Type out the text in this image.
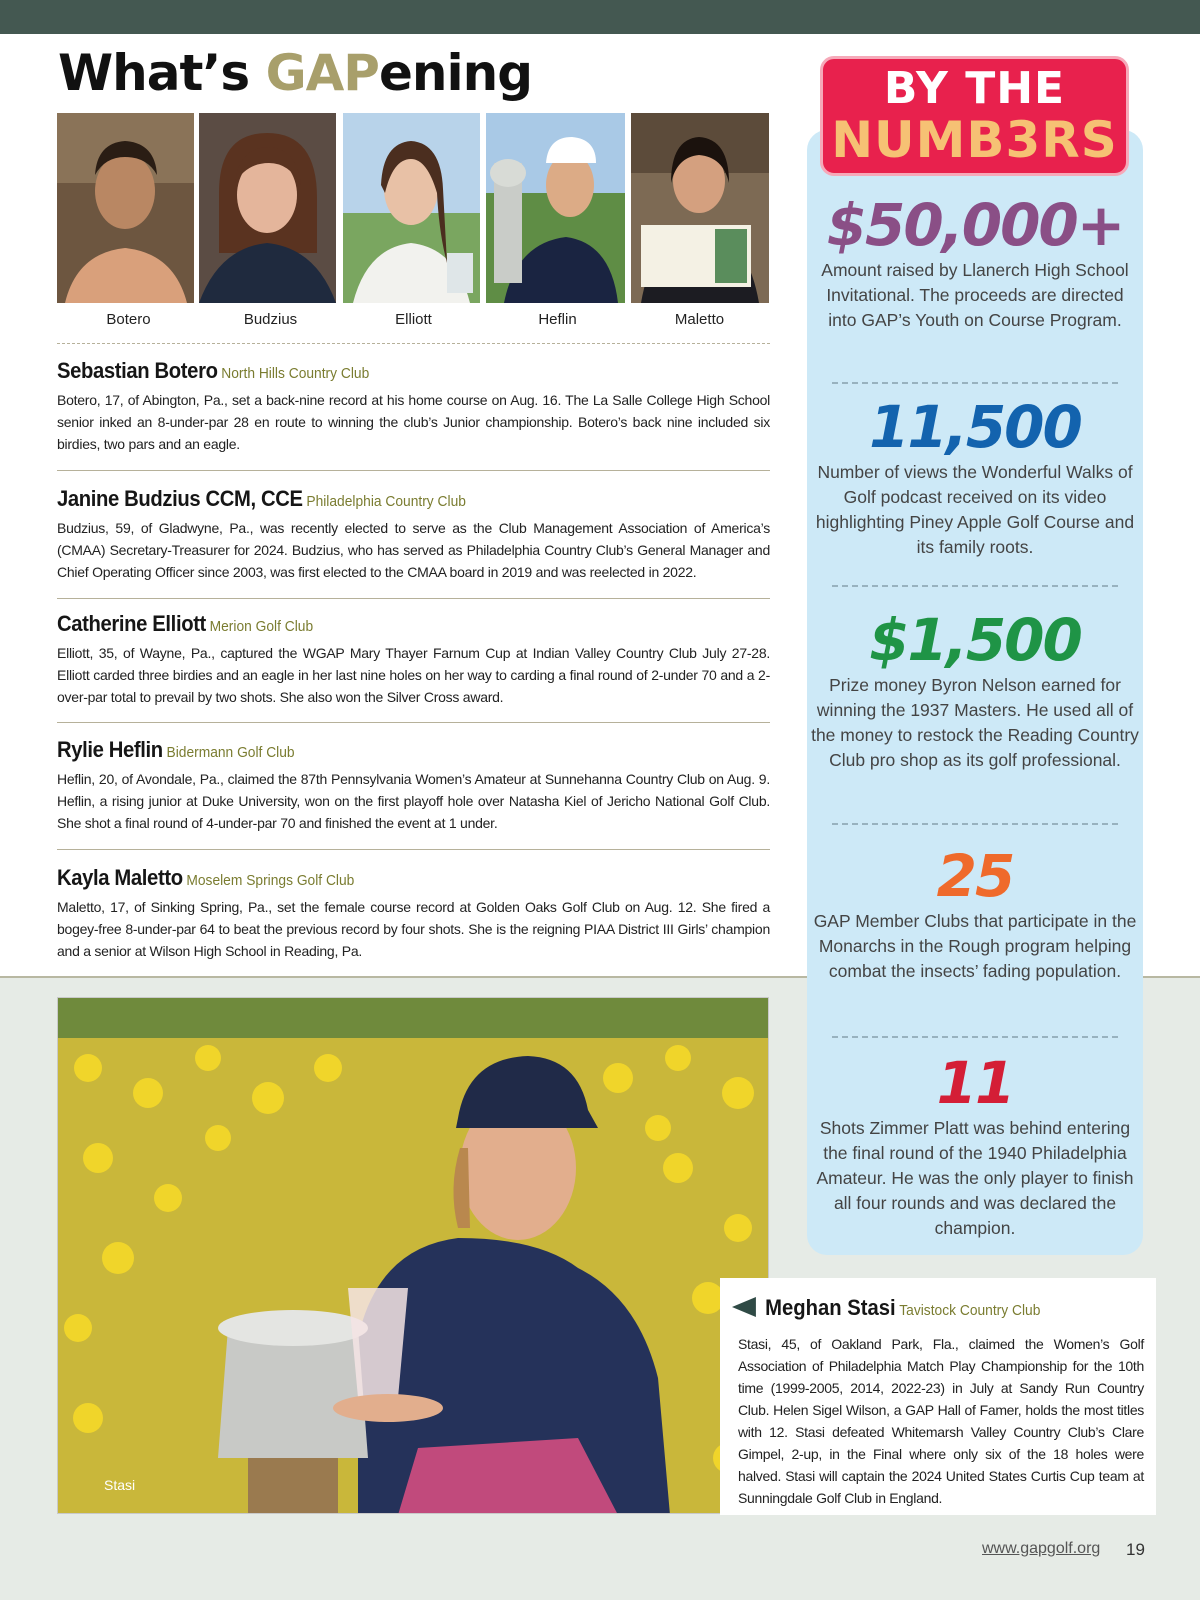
What’s GAPening
Botero	Budzius	Elliott	Heflin	Maletto
Sebastian Botero North Hills Country Club

Botero, 17, of Abington, Pa., set a back-nine record at his home course on Aug. 16. The La Salle College High School senior inked an 8-under-par 28 en route to winning the club’s Junior championship. Botero’s back nine included six birdies, two pars and an eagle.

Janine Budzius CCM, CCE Philadelphia Country Club

Budzius, 59, of Gladwyne, Pa., was recently elected to serve as the Club Management Association of America’s (CMAA) Secretary-Treasurer for 2024. Budzius, who has served as Philadelphia Country Club’s General Manager and Chief Operating Officer since 2003, was first elected to the CMAA board in 2019 and was reelected in 2022.

Catherine Elliott Merion Golf Club

Elliott, 35, of Wayne, Pa., captured the WGAP Mary Thayer Farnum Cup at Indian Valley Country Club July 27-28. Elliott carded three birdies and an eagle in her last nine holes on her way to carding a final round of 2-under 70 and a 2-over-par total to prevail by two shots. She also won the Silver Cross award.

Rylie Heflin Bidermann Golf Club

Heflin, 20, of Avondale, Pa., claimed the 87th Pennsylvania Women’s Amateur at Sunnehanna Country Club on Aug. 9. Heflin, a rising junior at Duke University, won on the first playoff hole over Natasha Kiel of Jericho National Golf Club. She shot a final round of 4-under-par 70 and finished the event at 1 under.

Kayla Maletto Moselem Springs Golf Club

Maletto, 17, of Sinking Spring, Pa., set the female course record at Golden Oaks Golf Club on Aug. 12. She fired a bogey-free 8-under-par 64 to beat the previous record by four shots. She is the reigning PIAA District III Girls’ champion and a senior at Wilson High School in Reading, Pa.

Stasi
Meghan Stasi Tavistock Country Club

Stasi, 45, of Oakland Park, Fla., claimed the Women’s Golf Association of Philadelphia Match Play Championship for the 10th time (1999-2005, 2014, 2022-23) in July at Sandy Run Country Club. Helen Sigel Wilson, a GAP Hall of Famer, holds the most titles with 12. Stasi defeated Whitemarsh Valley Country Club’s Clare Gimpel, 2-up, in the Final where only six of the 18 holes were halved. Stasi will captain the 2024 United States Curtis Cup team at Sunningdale Golf Club in England.

BY THE
NUMB3RS
$50,000+
Amount raised by Llanerch High School Invitational. The proceeds are directed into GAP’s Youth on Course Program.
11,500
Number of views the Wonderful Walks of Golf podcast received on its video highlighting Piney Apple Golf Course and its family roots.
$1,500
Prize money Byron Nelson earned for winning the 1937 Masters. He used all of the money to restock the Reading Country Club pro shop as its golf professional.
25
GAP Member Clubs that participate in the Monarchs in the Rough program helping combat the insects’ fading population.
11
Shots Zimmer Platt was behind entering the final round of the 1940 Philadelphia Amateur. He was the only player to finish all four rounds and was declared the champion.
www.gapgolf.org 19
